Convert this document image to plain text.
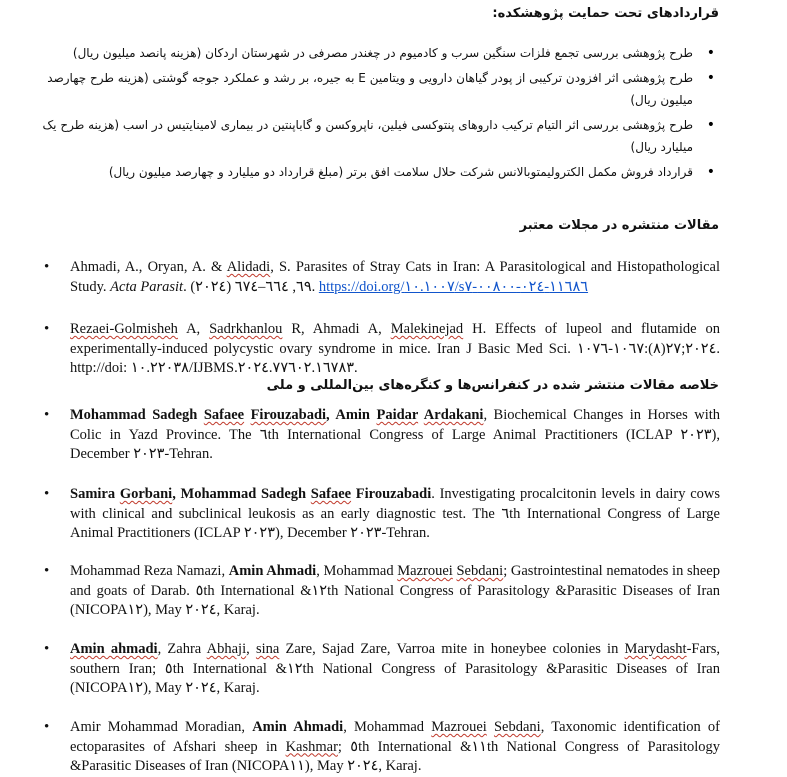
قراردادهای تحت حمایت پژوهشکده:
• طرح پژوهشی بررسی تجمع فلزات سنگین سرب و کادمیوم در چغندر مصرفی در شهرستان اردکان (هزینه پانصد میلیون ریال)
• طرح پژوهشی اثر افزودن ترکیبی از پودر گیاهان دارویی و ویتامین E به جیره، بر رشد و عملکرد جوجه گوشتی (هزینه طرح چهارصد میلیون ریال)
• طرح پژوهشی بررسی اثر التیام ترکیب داروهای پنتوکسی فیلین، ناپروکسن و گاباپنتین در بیماری لامینایتیس در اسب (هزینه طرح یک میلیارد ریال)
• قرارداد فروش مکمل الکترولیمتوبالانس شرکت حلال سلامت افق برتر (مبلغ قرارداد دو میلیارد و چهارصد میلیون ریال)
مقالات منتشره در مجلات معتبر
• Ahmadi, A., Oryan, A. & Alidadi, S. Parasites of Stray Cats in Iran: A Parasitological and Histopathological Study. Acta Parasit. ٦٩, ٦٦٤–٦٧٤ (٢٠٢٤). https://doi.org/١٠.١٠٠٧/s١١٦٨٦-٠٢٤-٠٠٨٠٠-٧
• Rezaei-Golmisheh A, Sadrkhanlou R, Ahmadi A, Malekinejad H. Effects of lupeol and flutamide on experimentally-induced polycystic ovary syndrome in mice. Iran J Basic Med Sci. ٢٠٢٤;٢٧(٨):١٠٦٧-١٠٧٦. http://doi: ١٠.٢٢٠٣٨/IJBMS.٢٠٢٤.٧٧٦٠٢.١٦٧٨٣.
خلاصه مقالات منتشر شده در کنفرانس‌ها و کنگره‌های بین‌المللی و ملی
• Mohammad Sadegh Safaee Firouzabadi, Amin Paidar Ardakani, Biochemical Changes in Horses with Colic in Yazd Province. The ٦th International Congress of Large Animal Practitioners (ICLAP ٢٠٢٣), December ٢٠٢٣-Tehran.
• Samira Gorbani, Mohammad Sadegh Safaee Firouzabadi. Investigating procalcitonin levels in dairy cows with clinical and subclinical leukosis as an early diagnostic test. The ٦th International Congress of Large Animal Practitioners (ICLAP ٢٠٢٣), December ٢٠٢٣-Tehran.
• Mohammad Reza Namazi, Amin Ahmadi, Mohammad Mazrouei Sebdani; Gastrointestinal nematodes in sheep and goats of Darab. ٥th International &١٢th National Congress of Parasitology &Parasitic Diseases of Iran (NICOPA١٢), May ٢٠٢٤, Karaj.
• Amin ahmadi, Zahra Abhaji, sina Zare, Sajad Zare, Varroa mite in honeybee colonies in Marydasht-Fars, southern Iran; ٥th International &١٢th National Congress of Parasitology &Parasitic Diseases of Iran (NICOPA١٢), May ٢٠٢٤, Karaj.
• Amir Mohammad Moradian, Amin Ahmadi, Mohammad Mazrouei Sebdani, Taxonomic identification of ectoparasites of Afshari sheep in Kashmar; ٥th International &١١th National Congress of Parasitology &Parasitic Diseases of Iran (NICOPA١١), May ٢٠٢٤, Karaj.
